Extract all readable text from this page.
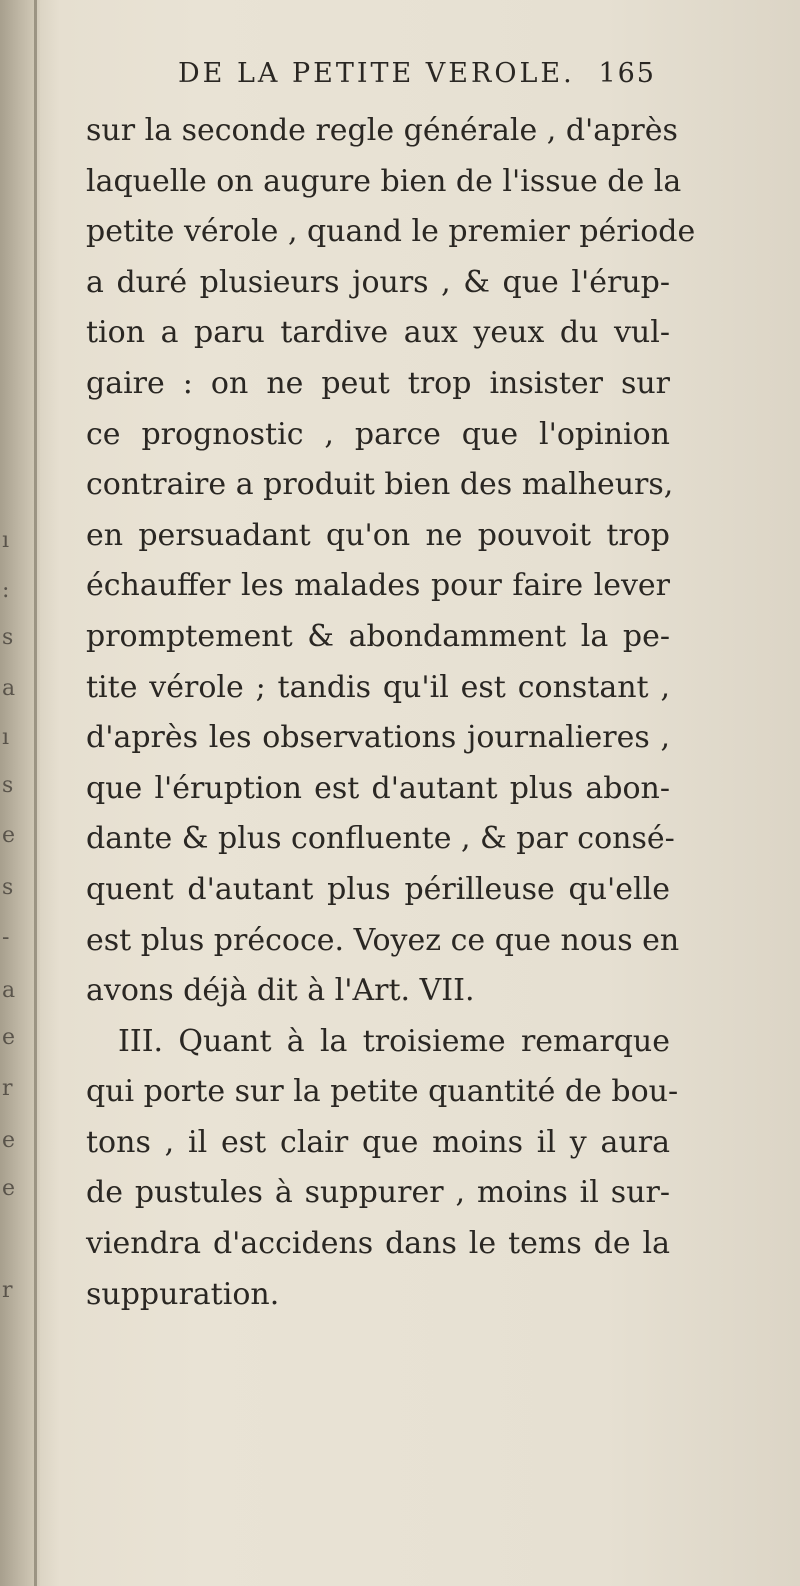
ı
:
s
a
ı
s
e
s
-
a
e
r
e
e
r
DE LA PETITE VEROLE. 165
sur la seconde regle générale , d'après
laquelle on augure bien de l'issue de la
petite vérole , quand le premier période
a duré plusieurs jours , & que l'érup-
tion a paru tardive aux yeux du vul-
gaire : on ne peut trop insister sur
ce prognostic , parce que l'opinion
contraire a produit bien des malheurs,
en persuadant qu'on ne pouvoit trop
échauffer les malades pour faire lever
promptement & abondamment la pe-
tite vérole ; tandis qu'il est constant ,
d'après les observations journalieres ,
que l'éruption est d'autant plus abon-
dante & plus confluente , & par consé-
quent d'autant plus périlleuse qu'elle
est plus précoce. Voyez ce que nous en
avons déjà dit à l'Art. VII.
III. Quant à la troisieme remarque
qui porte sur la petite quantité de bou-
tons , il est clair que moins il y aura
de pustules à suppurer , moins il sur-
viendra d'accidens dans le tems de la
suppuration.
